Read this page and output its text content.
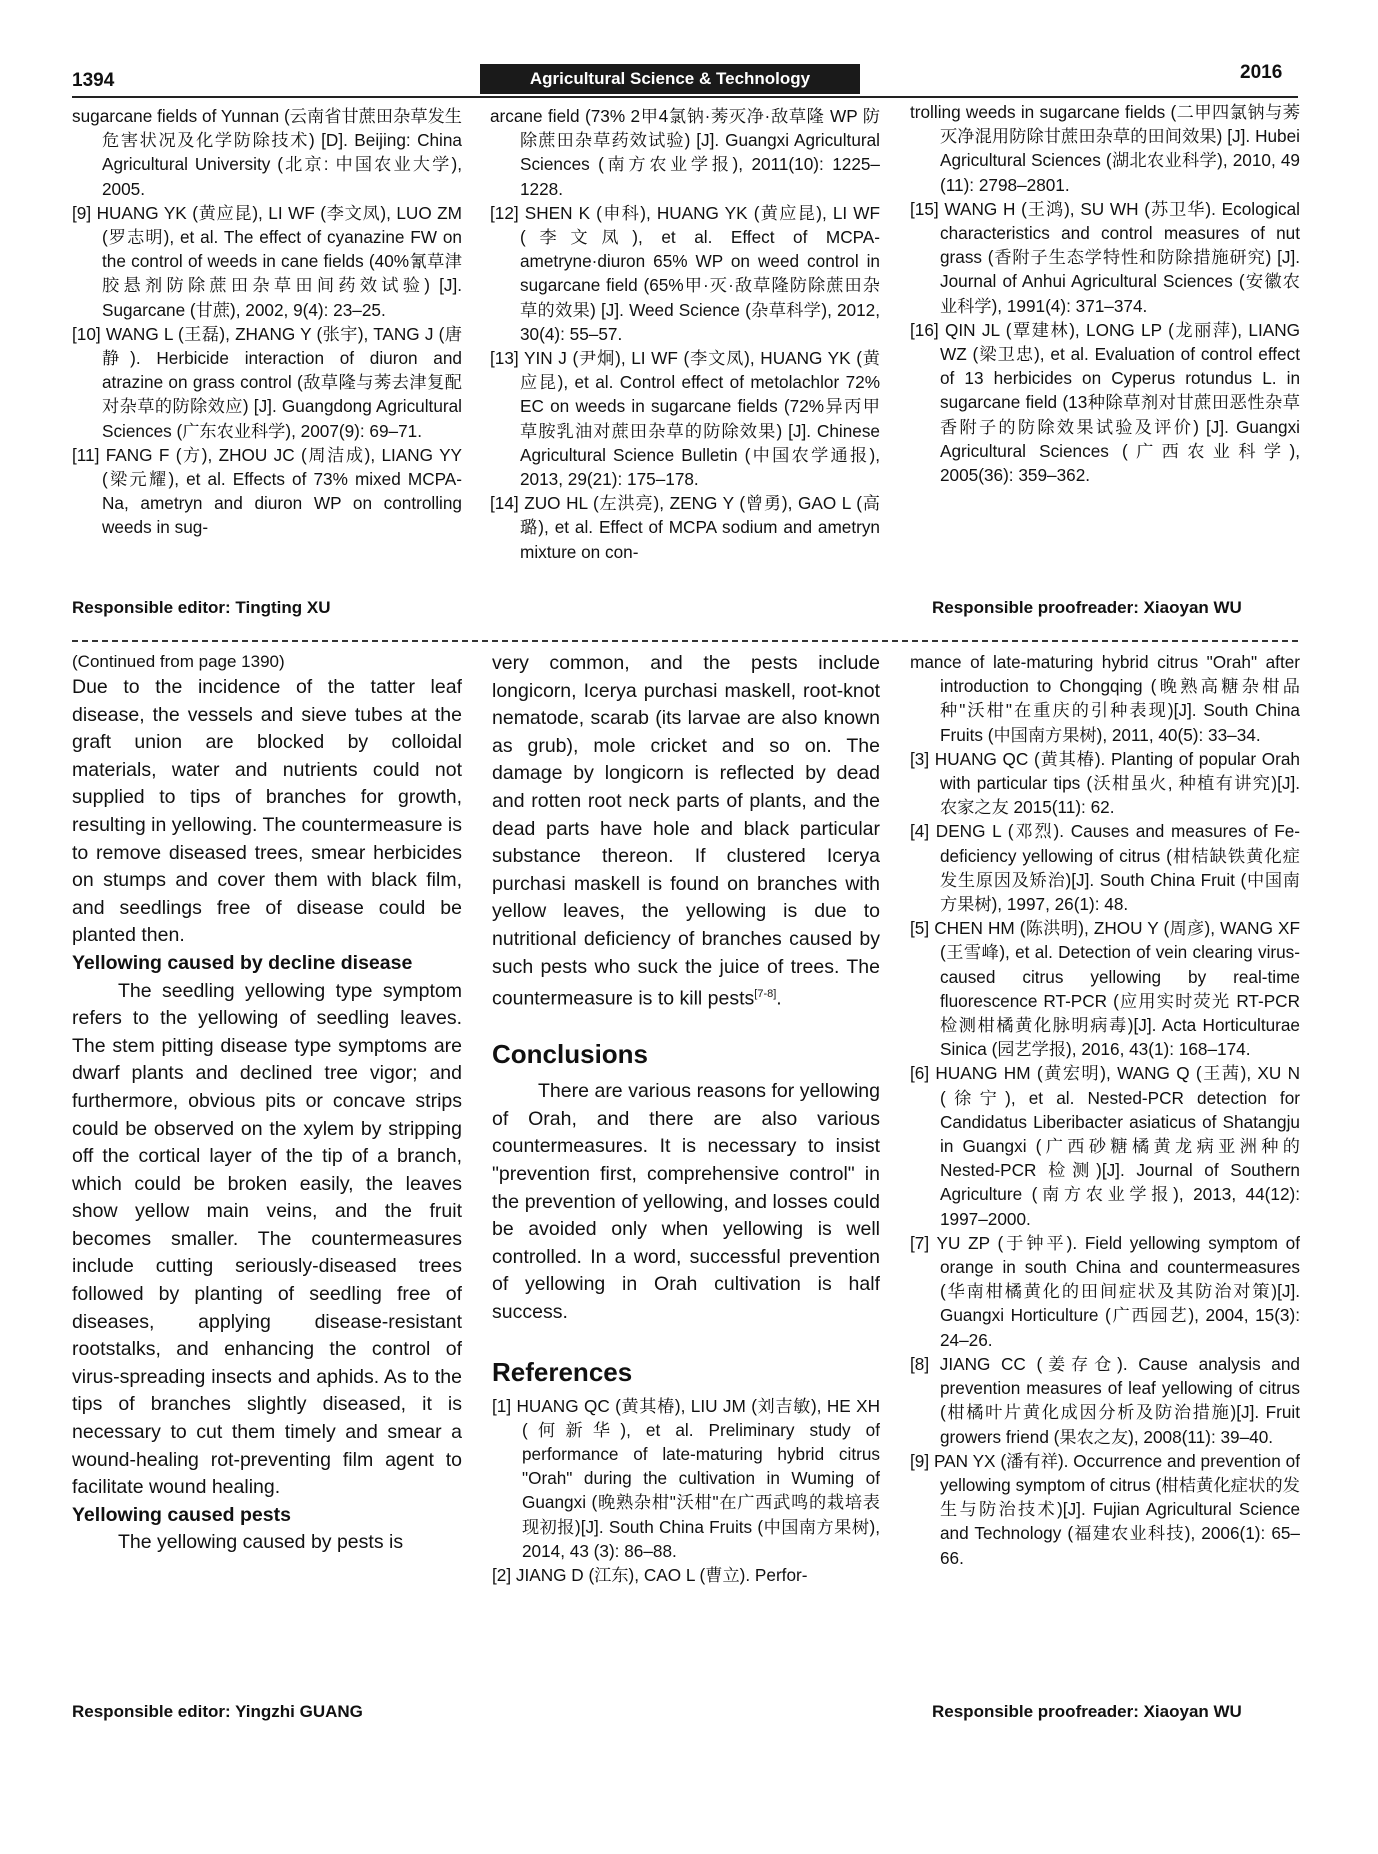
1394	Agricultural Science & Technology	2016

sugarcane fields of Yunnan (云南省甘蔗田杂草发生危害状况及化学防除技术) [D]. Beijing: China Agricultural University (北京: 中国农业大学), 2005.

[9] HUANG YK (黄应昆), LI WF (李文凤), LUO ZM (罗志明), et al. The effect of cyanazine FW on the control of weeds in cane fields (40%氰草津胶悬剂防除蔗田杂草田间药效试验) [J]. Sugarcane (甘蔗), 2002, 9(4): 23–25.

[10] WANG L (王磊), ZHANG Y (张宇), TANG J (唐静). Herbicide interaction of diuron and atrazine on grass control (敌草隆与莠去津复配对杂草的防除效应) [J]. Guangdong Agricultural Sciences (广东农业科学), 2007(9): 69–71.

[11] FANG F (方), ZHOU JC (周洁成), LIANG YY (梁元耀), et al. Effects of 73% mixed MCPA-Na, ametryn and diuron WP on controlling weeds in sug-

arcane field (73% 2甲4氯钠·莠灭净·敌草隆 WP 防除蔗田杂草药效试验) [J]. Guangxi Agricultural Sciences (南方农业学报), 2011(10): 1225–1228.

[12] SHEN K (申科), HUANG YK (黄应昆), LI WF (李文凤), et al. Effect of MCPA-ametryne·diuron 65% WP on weed control in sugarcane field (65%甲·灭·敌草隆防除蔗田杂草的效果) [J]. Weed Science (杂草科学), 2012, 30(4): 55–57.

[13] YIN J (尹炯), LI WF (李文凤), HUANG YK (黄应昆), et al. Control effect of metolachlor 72% EC on weeds in sugarcane fields (72%异丙甲草胺乳油对蔗田杂草的防除效果) [J]. Chinese Agricultural Science Bulletin (中国农学通报), 2013, 29(21): 175–178.

[14] ZUO HL (左洪亮), ZENG Y (曾勇), GAO L (高璐), et al. Effect of MCPA sodium and ametryn mixture on con-

trolling weeds in sugarcane fields (二甲四氯钠与莠灭净混用防除甘蔗田杂草的田间效果) [J]. Hubei Agricultural Sciences (湖北农业科学), 2010, 49 (11): 2798–2801.

[15] WANG H (王鸿), SU WH (苏卫华). Ecological characteristics and control measures of nut grass (香附子生态学特性和防除措施研究) [J]. Journal of Anhui Agricultural Sciences (安徽农业科学), 1991(4): 371–374.

[16] QIN JL (覃建林), LONG LP (龙丽萍), LIANG WZ (梁卫忠), et al. Evaluation of control effect of 13 herbicides on Cyperus rotundus L. in sugarcane field (13种除草剂对甘蔗田恶性杂草香附子的防除效果试验及评价) [J]. Guangxi Agricultural Sciences (广西农业科学), 2005(36): 359–362.

Responsible editor: Tingting XU	Responsible proofreader: Xiaoyan WU

(Continued from page 1390)

Due to the incidence of the tatter leaf disease, the vessels and sieve tubes at the graft union are blocked by colloidal materials, water and nutrients could not supplied to tips of branches for growth, resulting in yellowing. The countermeasure is to remove diseased trees, smear herbicides on stumps and cover them with black film, and seedlings free of disease could be planted then.

Yellowing caused by decline disease

The seedling yellowing type symptom refers to the yellowing of seedling leaves. The stem pitting disease type symptoms are dwarf plants and declined tree vigor; and furthermore, obvious pits or concave strips could be observed on the xylem by stripping off the cortical layer of the tip of a branch, which could be broken easily, the leaves show yellow main veins, and the fruit becomes smaller. The countermeasures include cutting seriously-diseased trees followed by planting of seedling free of diseases, applying disease-resistant rootstalks, and enhancing the control of virus-spreading insects and aphids. As to the tips of branches slightly diseased, it is necessary to cut them timely and smear a wound-healing rot-preventing film agent to facilitate wound healing.

Yellowing caused pests

The yellowing caused by pests is

very common, and the pests include longicorn, Icerya purchasi maskell, root-knot nematode, scarab (its larvae are also known as grub), mole cricket and so on. The damage by longicorn is reflected by dead and rotten root neck parts of plants, and the dead parts have hole and black particular substance thereon. If clustered Icerya purchasi maskell is found on branches with yellow leaves, the yellowing is due to nutritional deficiency of branches caused by such pests who suck the juice of trees. The countermeasure is to kill pests[7-8].

Conclusions

There are various reasons for yellowing of Orah, and there are also various countermeasures. It is necessary to insist "prevention first, comprehensive control" in the prevention of yellowing, and losses could be avoided only when yellowing is well controlled. In a word, successful prevention of yellowing in Orah cultivation is half success.

References

[1] HUANG QC (黄其椿), LIU JM (刘吉敏), HE XH (何新华), et al. Preliminary study of performance of late-maturing hybrid citrus "Orah" during the cultivation in Wuming of Guangxi (晚熟杂柑"沃柑"在广西武鸣的栽培表现初报)[J]. South China Fruits (中国南方果树), 2014, 43 (3): 86–88.

[2] JIANG D (江东), CAO L (曹立). Perfor-

mance of late-maturing hybrid citrus "Orah" after introduction to Chongqing (晚熟高糖杂柑品种"沃柑"在重庆的引种表现)[J]. South China Fruits (中国南方果树), 2011, 40(5): 33–34.

[3] HUANG QC (黄其椿). Planting of popular Orah with particular tips (沃柑虽火, 种植有讲究)[J]. 农家之友 2015(11): 62.

[4] DENG L (邓烈). Causes and measures of Fe-deficiency yellowing of citrus (柑桔缺铁黄化症发生原因及矫治)[J]. South China Fruit (中国南方果树), 1997, 26(1): 48.

[5] CHEN HM (陈洪明), ZHOU Y (周彦), WANG XF (王雪峰), et al. Detection of vein clearing virus-caused citrus yellowing by real-time fluorescence RT-PCR (应用实时荧光 RT-PCR 检测柑橘黄化脉明病毒)[J]. Acta Horticulturae Sinica (园艺学报), 2016, 43(1): 168–174.

[6] HUANG HM (黄宏明), WANG Q (王茜), XU N (徐宁), et al. Nested-PCR detection for Candidatus Liberibacter asiaticus of Shatangju in Guangxi (广西砂糖橘黄龙病亚洲种的 Nested-PCR 检测)[J]. Journal of Southern Agriculture (南方农业学报), 2013, 44(12): 1997–2000.

[7] YU ZP (于钟平). Field yellowing symptom of orange in south China and countermeasures (华南柑橘黄化的田间症状及其防治对策)[J]. Guangxi Horticulture (广西园艺), 2004, 15(3): 24–26.

[8] JIANG CC (姜存仓). Cause analysis and prevention measures of leaf yellowing of citrus (柑橘叶片黄化成因分析及防治措施)[J]. Fruit growers friend (果农之友), 2008(11): 39–40.

[9] PAN YX (潘有祥). Occurrence and prevention of yellowing symptom of citrus (柑桔黄化症状的发生与防治技术)[J]. Fujian Agricultural Science and Technology (福建农业科技), 2006(1): 65–66.

Responsible editor: Yingzhi GUANG	Responsible proofreader: Xiaoyan WU
